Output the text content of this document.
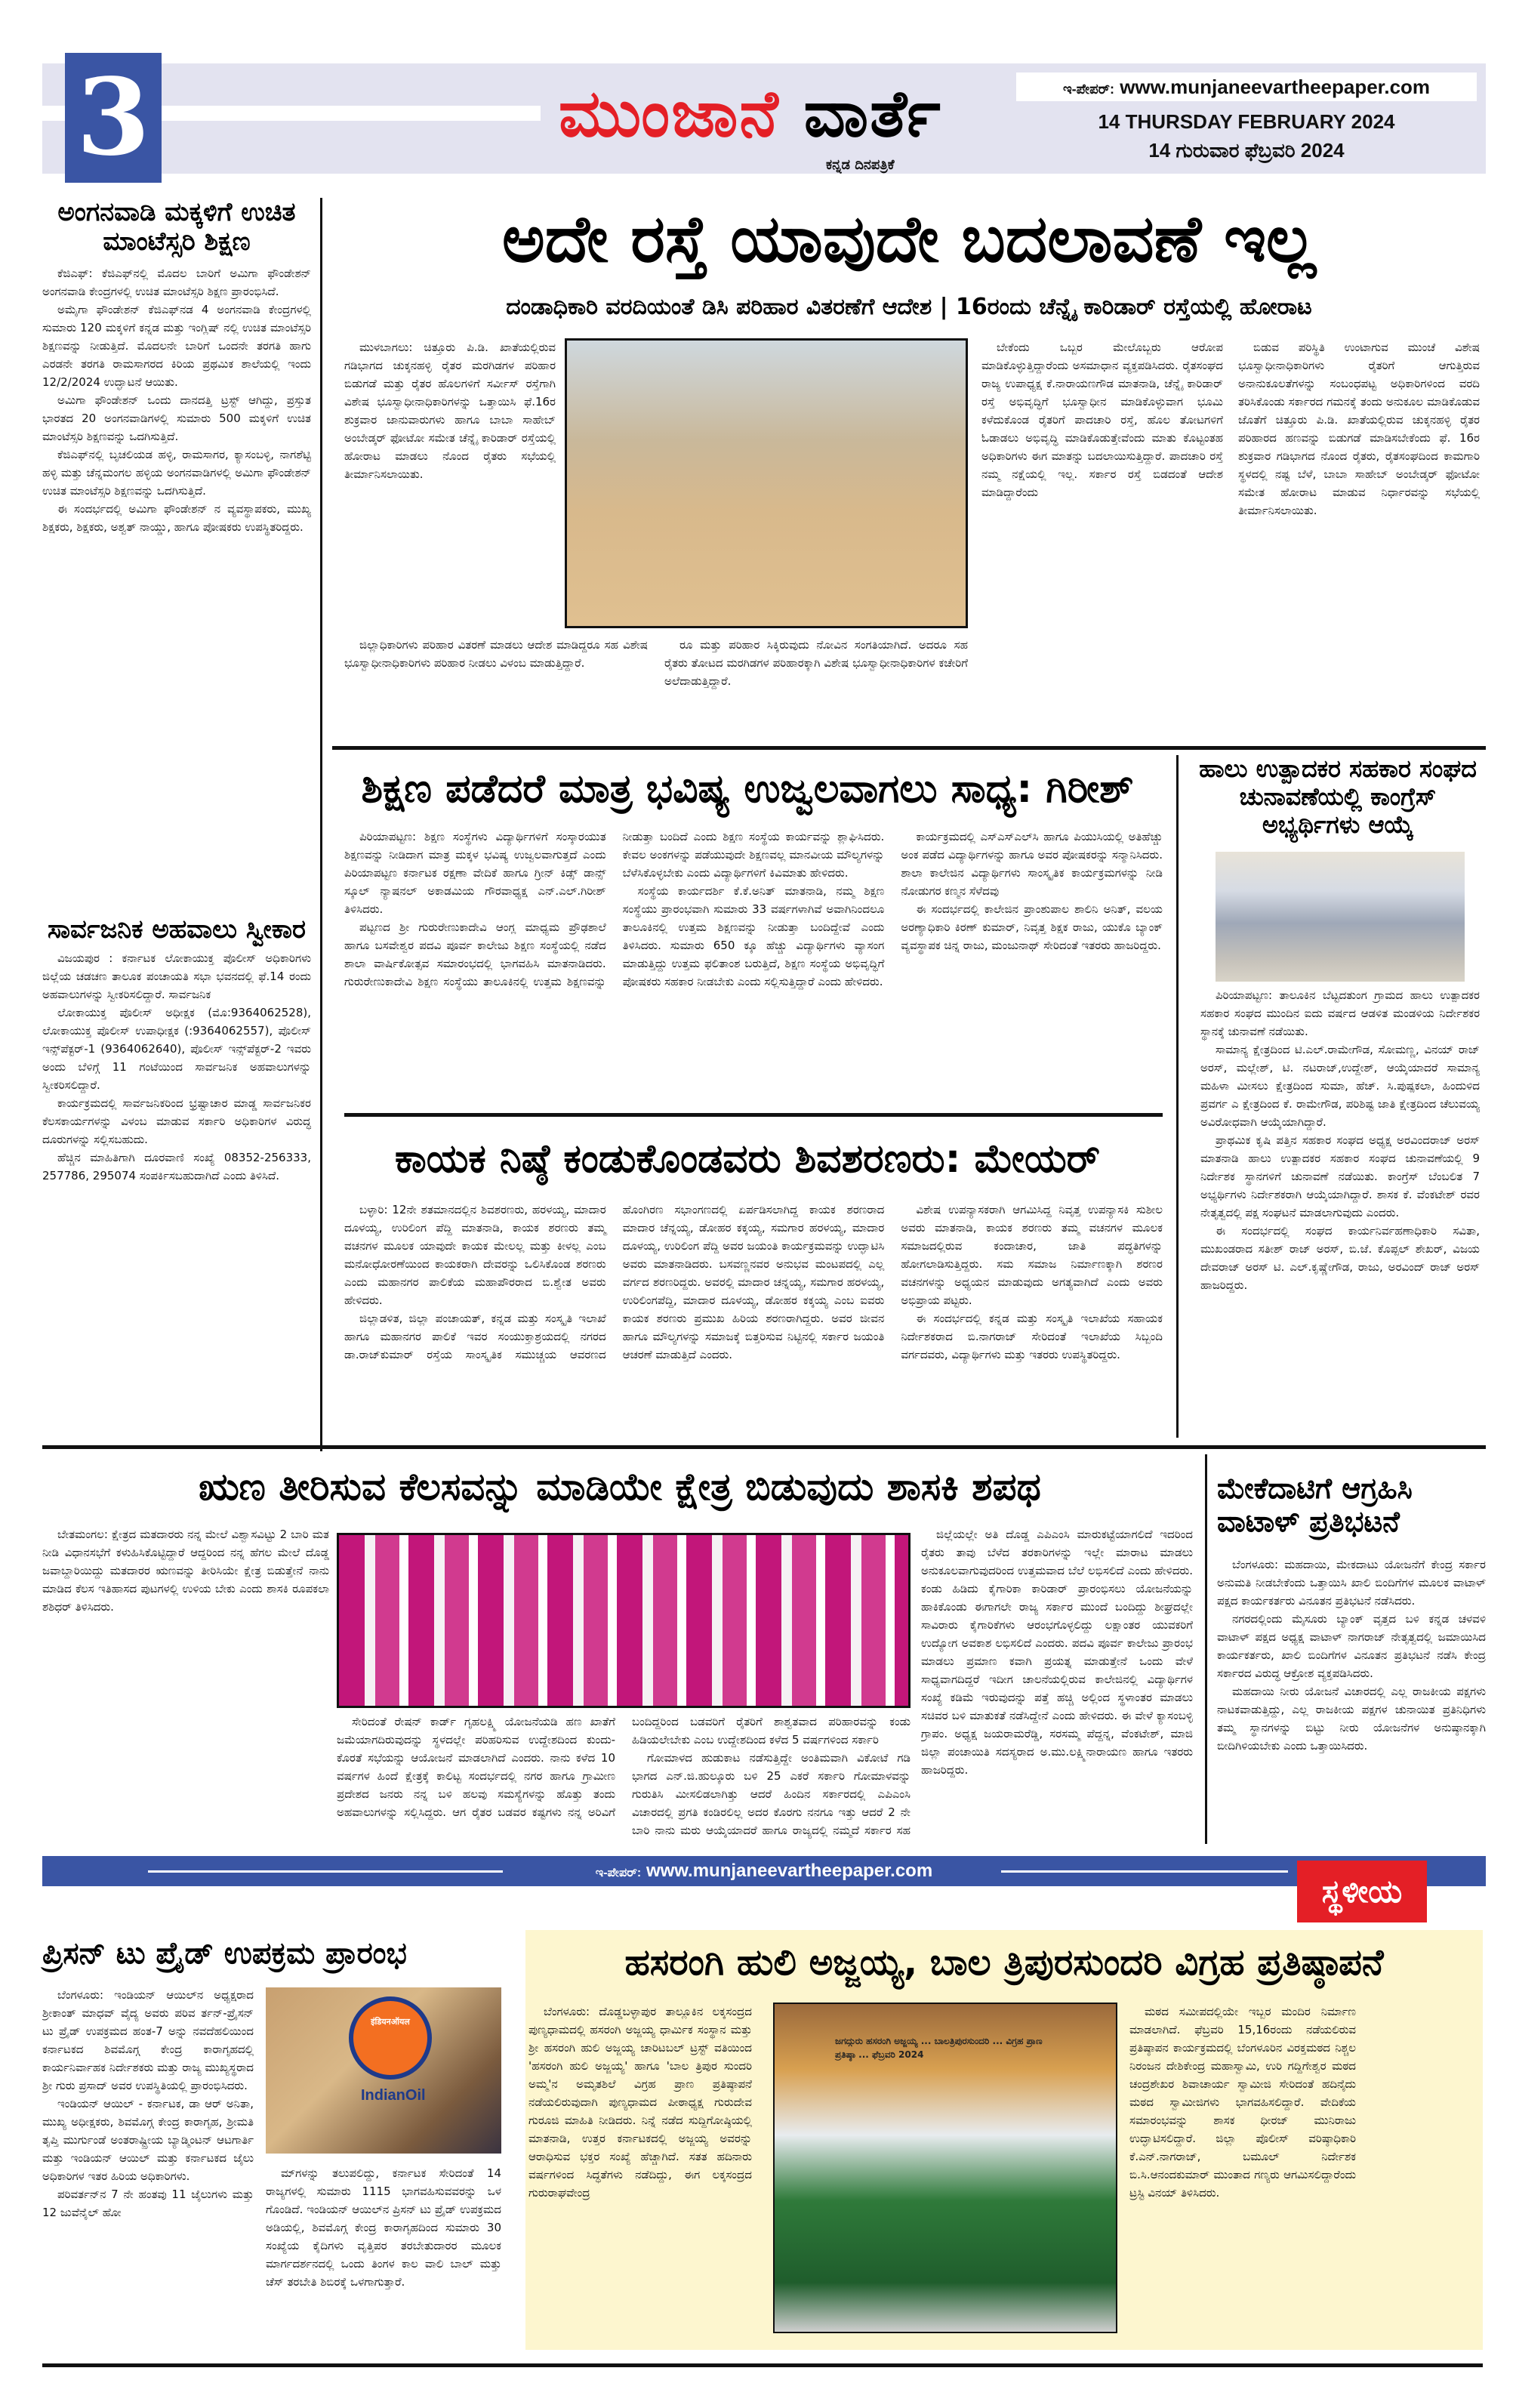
3	ಮುಂಜಾನೆ ವಾರ್ತೆ
ಕನ್ನಡ ದಿನಪತ್ರಿಕೆ
ಇ-ಪೇಪರ್: www.munjaneevartheepaper.com
14 THURSDAY FEBRUARY 2024
14 ಗುರುವಾರ ಫೆಬ್ರವರಿ 2024
ಅಂಗನವಾಡಿ ಮಕ್ಕಳಿಗೆ ಉಚಿತ ಮಾಂಟೆಸ್ಸರಿ ಶಿಕ್ಷಣ

ಕೆಜಿಎಫ್: ಕೆಜಿಎಫ್‌ನಲ್ಲಿ ಮೊದಲ ಬಾರಿಗೆ ಅಮಿಗಾ ಫೌಂಡೇಶನ್ ಅಂಗನವಾಡಿ ಕೇಂದ್ರಗಳಲ್ಲಿ ಉಚಿತ ಮಾಂಟೆಸ್ಸರಿ ಶಿಕ್ಷಣ ಪ್ರಾರಂಭಿಸಿದೆ.

ಅಮೈಗಾ ಫೌಂಡೇಶನ್ ಕೆಜಿಎಫ್‌ನಡ 4 ಅಂಗನವಾಡಿ ಕೇಂದ್ರಗಳಲ್ಲಿ ಸುಮಾರು 120 ಮಕ್ಕಳಿಗೆ ಕನ್ನಡ ಮತ್ತು ಇಂಗ್ಲಿಷ್ ನಲ್ಲಿ ಉಚಿತ ಮಾಂಟೆಸ್ಸರಿ ಶಿಕ್ಷಣವನ್ನು ನೀಡುತ್ತಿದೆ. ಮೊದಲನೇ ಬಾರಿಗೆ ಒಂದನೇ ತರಗತಿ ಹಾಗು ಎರಡನೇ ತರಗತಿ ರಾಮಸಾಗರದ ಕಿರಿಯ ಪ್ರಥಮಿಕ ಶಾಲೆಯಲ್ಲಿ ಇಂದು 12/2/2024 ಉದ್ಘಾಟನೆ ಆಯಿತು.

ಅಮಿಗಾ ಫೌಂಡೇಶನ್ ಒಂದು ದಾನದತ್ತಿ ಟ್ರಸ್ಟ್ ಆಗಿದ್ದು, ಪ್ರಸ್ತುತ ಭಾರತದ 20 ಅಂಗನವಾಡಿಗಳಲ್ಲಿ ಸುಮಾರು 500 ಮಕ್ಕಳಿಗೆ ಉಚಿತ ಮಾಂಟೆಸ್ಸರಿ ಶಿಕ್ಷಣವನ್ನು ಒದಗಿಸುತ್ತಿದೆ.

ಕೆಜಿಎಫ್‌ನಲ್ಲಿ ಬೃಚಲಿಯಡ ಹಳ್ಳಿ, ರಾಮಸಾಗರ, ಕ್ಯಾಸಂಬಳ್ಳಿ, ನಾಗಶೆಟ್ಟಿ ಹಳ್ಳಿ ಮತ್ತು ಚೆನ್ನಮಂಗಲ ಹಳ್ಳಿಯ ಅಂಗನವಾಡಿಗಳಲ್ಲಿ ಅಮಿಗಾ ಫೌಂಡೇಶನ್ ಉಚಿತ ಮಾಂಟೆಸ್ಸರಿ ಶಿಕ್ಷಣವನ್ನು ಒದಗಿಸುತ್ತಿದೆ.

ಈ ಸಂದರ್ಭದಲ್ಲಿ ಅಮಿಗಾ ಫೌಂಡೇಶನ್ ನ ವ್ಯವಸ್ಥಾಪಕರು, ಮುಖ್ಯ ಶಿಕ್ಷಕರು, ಶಿಕ್ಷಕರು, ಅಶ್ವತ್ ನಾಯ್ಡು, ಹಾಗೂ ಪೋಷಕರು ಉಪಸ್ಥಿತರಿದ್ದರು.

ಸಾರ್ವಜನಿಕ ಅಹವಾಲು ಸ್ವೀಕಾರ

ವಿಜಯಪುರ : ಕರ್ನಾಟಕ ಲೋಕಾಯುಕ್ತ ಪೊಲೀಸ್ ಅಧಿಕಾರಿಗಳು ಜಿಲ್ಲೆಯ ಚಡಚಣ ತಾಲೂಕ ಪಂಚಾಯತಿ ಸಭಾ ಭವನದಲ್ಲಿ ಫೆ.14 ರಂದು ಅಹವಾಲುಗಳನ್ನು ಸ್ವೀಕರಿಸಲಿದ್ದಾರೆ. ಸಾರ್ವಜನಿಕ

ಲೋಕಾಯುಕ್ತ ಪೊಲೀಸ್ ಅಧೀಕ್ಷಕ (ಮೊ:9364062528), ಲೋಕಾಯುಕ್ತ ಪೊಲೀಸ್ ಉಪಾಧೀಕ್ಷಕ (:9364062557), ಪೊಲೀಸ್ ಇನ್ಸ್‌ಪೆಕ್ಟರ್-1 (9364062640), ಪೊಲೀಸ್ ಇನ್ಸ್‌ಪೆಕ್ಟರ್-2 ಇವರು ಅಂದು ಬೆಳಿಗ್ಗೆ 11 ಗಂಟೆಯಿಂದ ಸಾರ್ವಜನಿಕ ಅಹವಾಲುಗಳನ್ನು ಸ್ವೀಕರಿಸಲಿದ್ದಾರೆ.

ಕಾರ್ಯಕ್ರಮದಲ್ಲಿ ಸಾರ್ವಜನಿಕರಿಂದ ಭ್ರಷ್ಟಾಚಾರ ಮಾಡ್ಡ ಸಾರ್ವಜನಿಕರ ಕೆಲಸಕಾರ್ಯಗಳನ್ನು ವಿಳಂಬ ಮಾಡುವ ಸರ್ಕಾರಿ ಅಧಿಕಾರಿಗಳ ವಿರುದ್ಧ ದೂರುಗಳನ್ನು ಸಲ್ಲಿಸಬಹುದು.

ಹೆಚ್ಚಿನ ಮಾಹಿತಿಗಾಗಿ ದೂರವಾಣಿ ಸಂಖ್ಯೆ 08352-256333, 257786, 295074 ಸಂಪರ್ಕಿಸಬಹುದಾಗಿದೆ ಎಂದು ತಿಳಿಸಿದೆ.

ಅದೇ ರಸ್ತೆ ಯಾವುದೇ ಬದಲಾವಣೆ ಇಲ್ಲ
ದಂಡಾಧಿಕಾರಿ ವರದಿಯಂತೆ ಡಿಸಿ ಪರಿಹಾರ ವಿತರಣೆಗೆ ಆದೇಶ | 16ರಂದು ಚೆನ್ನೈ ಕಾರಿಡಾರ್ ರಸ್ತೆಯಲ್ಲಿ ಹೋರಾಟ

ಮುಳಬಾಗಲು: ಚಿತ್ತೂರು ಪಿ.ಡಿ. ಖಾತೆಯಲ್ಲಿರುವ ಗಡಿಭಾಗದ ಚುಕ್ಕನಹಳ್ಳಿ ರೈತರ ಮರಗಿಡಗಳ ಪರಿಹಾರ ಬಿಡುಗಡೆ ಮತ್ತು ರೈತರ ಹೊಲಗಳಿಗೆ ಸರ್ವೀಸ್ ರಸ್ತೆಗಾಗಿ ವಿಶೇಷ ಭೂಸ್ವಾಧೀನಾಧಿಕಾರಿಗಳನ್ನು ಒತ್ತಾಯಿಸಿ ಫೆ.16ರ ಶುಕ್ರವಾರ ಜಾನುವಾರುಗಳು ಹಾಗೂ ಬಾಬಾ ಸಾಹೇಬ್ ಅಂಬೇಡ್ಕರ್ ಫೋಟೋ ಸಮೇತ ಚೆನ್ನೈ ಕಾರಿಡಾರ್ ರಸ್ತೆಯಲ್ಲಿ ಹೋರಾಟ ಮಾಡಲು ನೊಂದ ರೈತರು ಸಭೆಯಲ್ಲಿ ತೀರ್ಮಾನಿಸಲಾಯಿತು.

ಜಿಲ್ಲಾಧಿಕಾರಿಗಳು ಪರಿಹಾರ ವಿತರಣೆ ಮಾಡಲು ಆದೇಶ ಮಾಡಿದ್ದರೂ ಸಹ ವಿಶೇಷ ಭೂಸ್ವಾಧೀನಾಧಿಕಾರಿಗಳು ಪರಿಹಾರ ನೀಡಲು ವಿಳಂಬ ಮಾಡುತ್ತಿದ್ದಾರೆ.

ರೂ ಮತ್ತು ಪರಿಹಾರ ಸಿಕ್ಕಿರುವುದು ನೋವಿನ ಸಂಗತಿಯಾಗಿದೆ. ಅದರೂ ಸಹ ರೈತರು ತೋಟದ ಮರಗಿಡಗಳ ಪರಿಹಾರಕ್ಕಾಗಿ ವಿಶೇಷ ಭೂಸ್ವಾಧೀನಾಧಿಕಾರಿಗಳ ಕಚೇರಿಗೆ ಅಲೆದಾಡುತ್ತಿದ್ದಾರೆ.

ಬೇಕೆಂದು ಒಬ್ಬರ ಮೇಲೊಬ್ಬರು ಆರೋಪ ಮಾಡಿಕೊಳ್ಳುತ್ತಿದ್ದಾರೆಂದು ಅಸಮಾಧಾನ ವ್ಯಕ್ತಪಡಿಸಿದರು. ರೈತಸಂಘದ ರಾಜ್ಯ ಉಪಾಧ್ಯಕ್ಷ ಕೆ.ನಾರಾಯಣಗೌಡ ಮಾತನಾಡಿ, ಚೆನ್ನೈ ಕಾರಿಡಾರ್ ರಸ್ತೆ ಅಭಿವೃದ್ಧಿಗೆ ಭೂಸ್ವಾಧೀನ ಮಾಡಿಕೊಳ್ಳುವಾಗ ಭೂಮಿ ಕಳೆದುಕೊಂಡ ರೈತರಿಗೆ ಪಾದಚಾರಿ ರಸ್ತೆ, ಹೊಲ ತೋಟಗಳಿಗೆ ಓಡಾಡಲು ಅಭಿವೃದ್ಧಿ ಮಾಡಿಕೊಡುತ್ತೇವೆಂದು ಮಾತು ಕೊಟ್ಟಂತಹ ಅಧಿಕಾರಿಗಳು ಈಗ ಮಾತನ್ನು ಬದಲಾಯಿಸುತ್ತಿದ್ದಾರೆ. ಪಾದಚಾರಿ ರಸ್ತೆ ನಮ್ಮ ನಕ್ಷೆಯಲ್ಲಿ ಇಲ್ಲ. ಸರ್ಕಾರ ರಸ್ತೆ ಬಿಡದಂತೆ ಆದೇಶ ಮಾಡಿದ್ದಾರೆಂದು

ಬಿಡುವ ಪರಿಸ್ಥಿತಿ ಉಂಟಾಗುವ ಮುಂಚೆ ವಿಶೇಷ ಭೂಸ್ವಾಧೀನಾಧಿಕಾರಿಗಳು ರೈತರಿಗೆ ಆಗುತ್ತಿರುವ ಅನಾನುಕೂಲತೆಗಳನ್ನು ಸಂಬಂಧಪಟ್ಟ ಅಧಿಕಾರಿಗಳಿಂದ ವರದಿ ತರಿಸಿಕೊಂಡು ಸರ್ಕಾರದ ಗಮನಕ್ಕೆ ತಂದು ಅನುಕೂಲ ಮಾಡಿಕೊಡುವ ಜೊತೆಗೆ ಚಿತ್ತೂರು ಪಿ.ಡಿ. ಖಾತೆಯಲ್ಲಿರುವ ಚುಕ್ಕನಹಳ್ಳಿ ರೈತರ ಪರಿಹಾರದ ಹಣವನ್ನು ಬಿಡುಗಡೆ ಮಾಡಿಸಬೇಕೆಂದು ಫೆ. 16ರ ಶುಕ್ರವಾರ ಗಡಿಭಾಗದ ನೊಂದ ರೈತರು, ರೈತಸಂಘದಿಂದ ಕಾಮಗಾರಿ ಸ್ಥಳದಲ್ಲಿ ನಷ್ಟ ಬೆಳೆ, ಬಾಬಾ ಸಾಹೇಬ್ ಅಂಬೇಡ್ಕರ್ ಫೋಟೋ ಸಮೇತ ಹೋರಾಟ ಮಾಡುವ ನಿರ್ಧಾರವನ್ನು ಸಭೆಯಲ್ಲಿ ತೀರ್ಮಾನಿಸಲಾಯಿತು.

ಶಿಕ್ಷಣ ಪಡೆದರೆ ಮಾತ್ರ ಭವಿಷ್ಯ ಉಜ್ವಲವಾಗಲು ಸಾಧ್ಯ: ಗಿರೀಶ್

ಪಿರಿಯಾಪಟ್ಟಣ: ಶಿಕ್ಷಣ ಸಂಸ್ಥೆಗಳು ವಿದ್ಯಾರ್ಥಿಗಳಿಗೆ ಸಂಸ್ಕಾರಯುತ ಶಿಕ್ಷಣವನ್ನು ನೀಡಿದಾಗ ಮಾತ್ರ ಮಕ್ಕಳ ಭವಿಷ್ಯ ಉಜ್ವಲವಾಗುತ್ತದೆ ಎಂದು ಪಿರಿಯಾಪಟ್ಟಣ ಕರ್ನಾಟಕ ರಕ್ಷಣಾ ವೇದಿಕೆ ಹಾಗೂ ಗ್ರೀನ್ ಕಿಡ್ಸ್ ಡಾನ್ಸ್ ಸ್ಕೂಲ್ ನ್ಯಾಷನಲ್ ಅಕಾಡಮಿಯ ಗೌರವಾಧ್ಯಕ್ಷ ಎನ್.ಎಲ್.ಗಿರೀಶ್ ತಿಳಿಸಿದರು.

ಪಟ್ಟಣದ ಶ್ರೀ ಗುರುರೇಣುಕಾದೇವಿ ಆಂಗ್ಲ ಮಾಧ್ಯಮ ಪ್ರೌಢಶಾಲೆ ಹಾಗೂ ಬಸವೇಶ್ವರ ಪದವಿ ಪೂರ್ವ ಕಾಲೇಜು ಶಿಕ್ಷಣ ಸಂಸ್ಥೆಯಲ್ಲಿ ನಡೆದ ಶಾಲಾ ವಾರ್ಷಿಕೋತ್ಸವ ಸಮಾರಂಭದಲ್ಲಿ ಭಾಗವಹಿಸಿ ಮಾತನಾಡಿದರು. ಗುರುರೇಣುಕಾದೇವಿ ಶಿಕ್ಷಣ ಸಂಸ್ಥೆಯು ತಾಲೂಕಿನಲ್ಲಿ ಉತ್ತಮ ಶಿಕ್ಷಣವನ್ನು ನೀಡುತ್ತಾ ಬಂದಿದೆ ಎಂದು ಶಿಕ್ಷಣ ಸಂಸ್ಥೆಯ ಕಾರ್ಯವನ್ನು ಶ್ಲಾಘಿಸಿದರು. ಕೇವಲ ಅಂಕಗಳನ್ನು ಪಡೆಯುವುದೇ ಶಿಕ್ಷಣವಲ್ಲ ಮಾನವೀಯ ಮೌಲ್ಯಗಳನ್ನು ಬೆಳೆಸಿಕೊಳ್ಳಬೇಕು ಎಂದು ವಿದ್ಯಾರ್ಥಿಗಳಿಗೆ ಕಿವಿಮಾತು ಹೇಳಿದರು.

ಸಂಸ್ಥೆಯ ಕಾರ್ಯದರ್ಶಿ ಕೆ.ಕೆ.ಅನಿತ್ ಮಾತನಾಡಿ, ನಮ್ಮ ಶಿಕ್ಷಣ ಸಂಸ್ಥೆಯು ಪ್ರಾರಂಭವಾಗಿ ಸುಮಾರು 33 ವರ್ಷಗಳಾಗಿವೆ ಅವಾಗಿನಿಂದಲೂ ತಾಲೂಕಿನಲ್ಲಿ ಉತ್ತಮ ಶಿಕ್ಷಣವನ್ನು ನೀಡುತ್ತಾ ಬಂದಿದ್ದೇವೆ ಎಂದು ತಿಳಿಸಿದರು. ಸುಮಾರು 650 ಕ್ಕೂ ಹೆಚ್ಚು ವಿದ್ಯಾರ್ಥಿಗಳು ವ್ಯಾಸಂಗ ಮಾಡುತ್ತಿದ್ದು ಉತ್ತಮ ಫಲಿತಾಂಶ ಬರುತ್ತಿದೆ, ಶಿಕ್ಷಣ ಸಂಸ್ಥೆಯ ಅಭಿವೃದ್ಧಿಗೆ ಪೋಷಕರು ಸಹಕಾರ ನೀಡಬೇಕು ಎಂದು ಸಲ್ಲಿಸುತ್ತಿದ್ದಾರೆ ಎಂದು ಹೇಳಿದರು.

ಕಾರ್ಯಕ್ರಮದಲ್ಲಿ ಎಸ್‌ಎಸ್‌ಎಲ್‌ಸಿ ಹಾಗೂ ಪಿಯುಸಿಯಲ್ಲಿ ಅತಿಹೆಚ್ಚು ಅಂಕ ಪಡೆದ ವಿದ್ಯಾರ್ಥಿಗಳನ್ನು ಹಾಗೂ ಅವರ ಪೋಷಕರನ್ನು ಸನ್ಮಾನಿಸಿದರು. ಶಾಲಾ ಕಾಲೇಜಿನ ವಿದ್ಯಾರ್ಥಿಗಳು ಸಾಂಸ್ಕೃತಿಕ ಕಾರ್ಯಕ್ರಮಗಳನ್ನು ನೀಡಿ ನೋಡುಗರ ಕಣ್ಮನ ಸೆಳೆದವು

ಈ ಸಂದರ್ಭದಲ್ಲಿ ಕಾಲೇಜಿನ ಪ್ರಾಂಶುಪಾಲ ಶಾಲಿನಿ ಅನಿತ್, ವಲಯ ಅರಣ್ಯಾಧಿಕಾರಿ ಕಿರಣ್ ಕುಮಾರ್, ನಿವೃತ್ತ ಶಿಕ್ಷಕ ರಾಜು, ಯುಕೊ ಬ್ಯಾಂಕ್ ವ್ಯವಸ್ಥಾಪಕ ಚಿನ್ನ ರಾಜು, ಮಂಜುನಾಥ್ ಸೇರಿದಂತೆ ಇತರರು ಹಾಜರಿದ್ದರು.

ಹಾಲು ಉತ್ಪಾದಕರ ಸಹಕಾರ ಸಂಘದ ಚುನಾವಣೆಯಲ್ಲಿ ಕಾಂಗ್ರೆಸ್ ಅಭ್ಯರ್ಥಿಗಳು ಆಯ್ಕೆ

ಪಿರಿಯಾಪಟ್ಟಣ: ತಾಲೂಕಿನ ಬೆಟ್ಟದತುಂಗ ಗ್ರಾಮದ ಹಾಲು ಉತ್ಪಾದಕರ ಸಹಕಾರ ಸಂಘದ ಮುಂದಿನ ಐದು ವರ್ಷದ ಆಡಳಿತ ಮಂಡಳಿಯ ನಿರ್ದೇಶಕರ ಸ್ಥಾನಕ್ಕೆ ಚುನಾವಣೆ ನಡೆಯಿತು.

ಸಾಮಾನ್ಯ ಕ್ಷೇತ್ರದಿಂದ ಟಿ.ಎಲ್.ರಾಮೇಗೌಡ, ಸೋಮಣ್ಣ, ವಿನಯ್ ರಾಜ್ ಅರಸ್, ಮಲ್ಲೇಶ್, ಟಿ. ನಟರಾಜ್,ಉದ್ದೇಶ್, ಆಯ್ಕೆಯಾದರೆ ಸಾಮಾನ್ಯ ಮಹಿಳಾ ಮೀಸಲು ಕ್ಷೇತ್ರದಿಂದ ಸುಮಾ, ಹೆಚ್. ಸಿ.ಪುಷ್ಪಕಲಾ, ಹಿಂದುಳಿದ ಪ್ರವರ್ಗ ಎ ಕ್ಷೇತ್ರದಿಂದ ಕೆ. ರಾಮೇಗೌಡ, ಪರಿಶಿಷ್ಟ ಜಾತಿ ಕ್ಷೇತ್ರದಿಂದ ಚೆಲುವಯ್ಯ ಅವಿರೋಧವಾಗಿ ಆಯ್ಕೆಯಾಗಿದ್ದಾರೆ.

ಪ್ರಾಥಮಿಕ ಕೃಷಿ ಪತ್ತಿನ ಸಹಕಾರ ಸಂಘದ ಅಧ್ಯಕ್ಷ ಅರವಿಂದರಾಜ್ ಅರಸ್ ಮಾತನಾಡಿ ಹಾಲು ಉತ್ಪಾದಕರ ಸಹಕಾರ ಸಂಘದ ಚುನಾವಣೆಯಲ್ಲಿ 9 ನಿರ್ದೇಶಕ ಸ್ಥಾನಗಳಿಗೆ ಚುನಾವಣೆ ನಡೆಯಿತು. ಕಾಂಗ್ರೆಸ್ ಬೆಂಬಲಿತ 7 ಅಭ್ಯರ್ಥಿಗಳು ನಿರ್ದೇಶಕರಾಗಿ ಆಯ್ಕೆಯಾಗಿದ್ದಾರೆ. ಶಾಸಕ ಕೆ. ವೆಂಕಟೇಶ್ ರವರ ನೇತೃತ್ವದಲ್ಲಿ ಪಕ್ಷ ಸಂಘಟನೆ ಮಾಡಲಾಗುವುದು ಎಂದರು.

ಈ ಸಂದರ್ಭದಲ್ಲಿ ಸಂಘದ ಕಾರ್ಯನಿರ್ವಹಣಾಧಿಕಾರಿ ಸವಿತಾ, ಮುಖಂಡರಾದ ಸತೀಶ್ ರಾಜ್ ಅರಸ್, ಬಿ.ಜೆ. ಕೊಪ್ಪಲ್ ಶೇಖರ್, ವಿಜಯ ದೇವರಾಜ್ ಅರಸ್ ಟಿ. ಎಲ್.ಕೃಷ್ಣೇಗೌಡ, ರಾಜು, ಅರವಿಂದ್ ರಾಜ್ ಅರಸ್ ಹಾಜರಿದ್ದರು.

ಕಾಯಕ ನಿಷ್ಠೆ ಕಂಡುಕೊಂಡವರು ಶಿವಶರಣರು: ಮೇಯರ್

ಬಳ್ಳಾರಿ: 12ನೇ ಶತಮಾನದಲ್ಲಿನ ಶಿವಶರಣರು, ಹರಳಯ್ಯ, ಮಾದಾರ ದೂಳಯ್ಯ, ಉರಿಲಿಂಗ ಪೆದ್ದಿ ಮಾತನಾಡಿ, ಕಾಯಕ ಶರಣರು ತಮ್ಮ ವಚನಗಳ ಮೂಲಕ ಯಾವುದೇ ಕಾಯಕ ಮೇಲಲ್ಲ ಮತ್ತು ಕೀಳಲ್ಲ ಎಂಬ ಮನೋಧೋರಣೆಯಿಂದ ಕಾಯಕರಾಗಿ ದೇವರನ್ನು ಒಲಿಸಿಕೊಂಡ ಶರಣರು ಎಂದು ಮಹಾನಗರ ಪಾಲಿಕೆಯ ಮಹಾಪೌರರಾದ ಬಿ.ಶ್ವೇತ ಅವರು ಹೇಳಿದರು.

ಜಿಲ್ಲಾಡಳಿತ, ಜಿಲ್ಲಾ ಪಂಚಾಯತ್, ಕನ್ನಡ ಮತ್ತು ಸಂಸ್ಕೃತಿ ಇಲಾಖೆ ಹಾಗೂ ಮಹಾನಗರ ಪಾಲಿಕೆ ಇವರ ಸಂಯುಕ್ತಾಶ್ರಯದಲ್ಲಿ ನಗರದ ಡಾ.ರಾಜ್‌ಕುಮಾರ್ ರಸ್ತೆಯ ಸಾಂಸ್ಕೃತಿಕ ಸಮುಚ್ಚಯ ಆವರಣದ ಹೊಂಗಿರಣ ಸಭಾಂಗಣದಲ್ಲಿ ಏರ್ಪಡಿಸಲಾಗಿದ್ದ ಕಾಯಕ ಶರಣರಾದ ಮಾದಾರ ಚೆನ್ನಯ್ಯ, ಡೋಹರ ಕಕ್ಕಯ್ಯ, ಸಮಗಾರ ಹರಳಯ್ಯ, ಮಾದಾರ ದೂಳಯ್ಯ, ಉರಿಲಿಂಗ ಪೆದ್ದಿ ಅವರ ಜಯಂತಿ ಕಾರ್ಯಕ್ರಮವನ್ನು ಉದ್ಘಾಟಿಸಿ ಅವರು ಮಾತನಾಡಿದರು. ಬಸವಣ್ಣನವರ ಅನುಭವ ಮಂಟಪದಲ್ಲಿ ಎಲ್ಲ ವರ್ಗದ ಶರಣರಿದ್ದರು. ಅವರಲ್ಲಿ ಮಾದಾರ ಚನ್ನಯ್ಯ, ಸಮಗಾರ ಹರಳಯ್ಯ, ಉರಿಲಿಂಗಪೆದ್ದಿ, ಮಾದಾರ ದೂಳಯ್ಯ, ಡೋಹರ ಕಕ್ಕಯ್ಯ ಎಂಬ ಐವರು ಕಾಯಕ ಶರಣರು ಪ್ರಮುಖ ಹಿರಿಯ ಶರಣರಾಗಿದ್ದರು. ಅವರ ಜೀವನ ಹಾಗೂ ಮೌಲ್ಯಗಳನ್ನು ಸಮಾಜಕ್ಕೆ ಬಿತ್ತರಿಸುವ ನಿಟ್ಟಿನಲ್ಲಿ ಸರ್ಕಾರ ಜಯಂತಿ ಆಚರಣೆ ಮಾಡುತ್ತಿದೆ ಎಂದರು.

ವಿಶೇಷ ಉಪನ್ಯಾಸಕರಾಗಿ ಆಗಮಿಸಿದ್ದ ನಿವೃತ್ತ ಉಪನ್ಯಾಸಕಿ ಸುಶೀಲ ಅವರು ಮಾತನಾಡಿ, ಕಾಯಕ ಶರಣರು ತಮ್ಮ ವಚನಗಳ ಮೂಲಕ ಸಮಾಜದಲ್ಲಿರುವ ಕಂದಾಚಾರ, ಜಾತಿ ಪದ್ಧತಿಗಳನ್ನು ಹೋಗಲಾಡಿಸುತ್ತಿದ್ದರು. ಸಮ ಸಮಾಜ ನಿರ್ಮಾಣಕ್ಕಾಗಿ ಶರಣರ ವಚನಗಳನ್ನು ಅಧ್ಯಯನ ಮಾಡುವುದು ಅಗತ್ಯವಾಗಿದೆ ಎಂದು ಅವರು ಅಭಿಪ್ರಾಯ ಪಟ್ಟರು.

ಈ ಸಂದರ್ಭದಲ್ಲಿ ಕನ್ನಡ ಮತ್ತು ಸಂಸ್ಕೃತಿ ಇಲಾಖೆಯ ಸಹಾಯಕ ನಿರ್ದೇಶಕರಾದ ಬಿ.ನಾಗರಾಜ್ ಸೇರಿದಂತೆ ಇಲಾಖೆಯ ಸಿಬ್ಬಂದಿ ವರ್ಗದವರು, ವಿದ್ಯಾರ್ಥಿಗಳು ಮತ್ತು ಇತರರು ಉಪಸ್ಥಿತರಿದ್ದರು.

ಋಣ ತೀರಿಸುವ ಕೆಲಸವನ್ನು ಮಾಡಿಯೇ ಕ್ಷೇತ್ರ ಬಿಡುವುದು ಶಾಸಕಿ ಶಪಥ

ಬೇತಮಂಗಲ: ಕ್ಷೇತ್ರದ ಮತದಾರರು ನನ್ನ ಮೇಲೆ ವಿಶ್ವಾಸವಿಟ್ಟು 2 ಬಾರಿ ಮತ ನೀಡಿ ವಿಧಾನಸಭೆಗೆ ಕಳುಹಿಸಿಕೊಟ್ಟಿದ್ದಾರೆ ಆದ್ದರಿಂದ ನನ್ನ ಹೆಗಲ ಮೇಲೆ ದೊಡ್ಡ ಜವಾಬ್ದಾರಿಯಿದ್ದು ಮತದಾರರ ಋಣವನ್ನು ತೀರಿಸಿಯೇ ಕ್ಷೇತ್ರ ಬಿಡುತ್ತೇನೆ ನಾನು ಮಾಡಿದ ಕೆಲಸ ಇತಿಹಾಸದ ಪುಟಗಳಲ್ಲಿ ಉಳಿಯ ಬೇಕು ಎಂದು ಶಾಸಕಿ ರೂಪಕಲಾ ಶಶಿಧರ್ ತಿಳಿಸಿದರು.

ಸೇರಿದಂತೆ ರೇಷನ್ ಕಾರ್ಡ್ ಗೃಹಲಕ್ಷ್ಮಿ ಯೋಜನೆಯಡಿ ಹಣ ಖಾತೆಗೆ ಜಮೆಯಾಗದಿರುವುದನ್ನು ಸ್ಥಳದಲ್ಲೇ ಪರಿಹರಿಸುವ ಉದ್ದೇಶದಿಂದ ಕುಂದು-ಕೊರತೆ ಸಭೆಯನ್ನು ಆಯೋಜನೆ ಮಾಡಲಾಗಿದೆ ಎಂದರು. ನಾನು ಕಳೆದ 10 ವರ್ಷಗಳ ಹಿಂದೆ ಕ್ಷೇತ್ರಕ್ಕೆ ಕಾಲಿಟ್ಟ ಸಂದರ್ಭದಲ್ಲಿ ನಗರ ಹಾಗೂ ಗ್ರಾಮೀಣ ಪ್ರದೇಶದ ಜನರು ನನ್ನ ಬಳಿ ಹಲವು ಸಮಸ್ಯೆಗಳನ್ನು ಹೊತ್ತು ತಂದು ಅಹವಾಲುಗಳನ್ನು ಸಲ್ಲಿಸಿದ್ದರು. ಆಗ ರೈತರ ಬಡವರ ಕಷ್ಟಗಳು ನನ್ನ ಅರಿವಿಗೆ ಬಂದಿದ್ದರಿಂದ ಬಡವರಿಗೆ ರೈತರಿಗೆ ಶಾಶ್ವತವಾದ ಪರಿಹಾರವನ್ನು ಕಂಡು ಹಿಡಿಯಲೇಬೇಕು ಎಂಬ ಉದ್ದೇಶದಿಂದ ಕಳೆದ 5 ವರ್ಷಗಳಿಂದ ಸರ್ಕಾರಿ

ಗೋಮಾಳದ ಹುಡುಕಾಟ ನಡೆಸುತ್ತಿದ್ದೇ ಅಂತಿಮವಾಗಿ ವಿಕೋಟೆ ಗಡಿ ಭಾಗದ ಎನ್.ಜಿ.ಹುಲ್ಕೂರು ಬಳಿ 25 ಎಕರೆ ಸರ್ಕಾರಿ ಗೋಮಾಳವನ್ನು ಗುರುತಿಸಿ ಮೀಸಲಿಡಲಾಗಿತ್ತು ಆದರೆ ಹಿಂದಿನ ಸರ್ಕಾರದಲ್ಲಿ ಎಪಿಎಂಸಿ ವಿಚಾರದಲ್ಲಿ ಪ್ರಗತಿ ಕಂಡಿರಲಿಲ್ಲ ಅದರ ಕೊರಗು ನನಗೂ ಇತ್ತು ಆದರೆ 2 ನೇ ಬಾರಿ ನಾನು ಮರು ಆಯ್ಕೆಯಾದರೆ ಹಾಗೂ ರಾಜ್ಯದಲ್ಲಿ ನಮ್ಮದೆ ಸರ್ಕಾರ ಸಹ

ಜಿಲ್ಲೆಯಲ್ಲೇ ಅತಿ ದೊಡ್ಡ ಎಪಿಎಂಸಿ ಮಾರುಕಟ್ಟೆಯಾಗಲಿದೆ ಇದರಿಂದ ರೈತರು ತಾವು ಬೆಳೆದ ತರಕಾರಿಗಳನ್ನು ಇಲ್ಲೇ ಮಾರಾಟ ಮಾಡಲು ಅನುಕೂಲವಾಗುವುದರಿಂದ ಉತ್ತಮವಾದ ಬೆಲೆ ಲಭಿಸಲಿದೆ ಎಂದು ಹೇಳಿದರು. ಕಂಡು ಹಿಡಿದು ಕೈಗಾರಿಕಾ ಕಾರಿಡಾರ್ ಪ್ರಾರಂಭಿಸಲು ಯೋಜನೆಯನ್ನು ಹಾಕಿಕೊಂಡು ಈಗಾಗಲೇ ರಾಜ್ಯ ಸರ್ಕಾರ ಮುಂದೆ ಬಂದಿದ್ದು ಶೀಘ್ರದಲ್ಲೇ ಸಾವಿರಾರು ಕೈಗಾರಿಕೆಗಳು ಆರಂಭಗೊಳ್ಳಲಿದ್ದು ಲಕ್ಷಾಂತರ ಯುವಕರಿಗೆ ಉದ್ಯೋಗ ಅವಕಾಶ ಲಭಿಸಲಿದೆ ಎಂದರು. ಪದವಿ ಪೂರ್ವ ಕಾಲೇಜು ಪ್ರಾರಂಭ ಮಾಡಲು ಪ್ರಮಾಣ ಕವಾಗಿ ಪ್ರಯತ್ನ ಮಾಡುತ್ತೇನೆ ಒಂದು ವೇಳೆ ಸಾಧ್ಯವಾಗದಿದ್ದರೆ ಇದೀಗ ಚಾಲನೆಯಲ್ಲಿರುವ ಕಾಲೇಜಿನಲ್ಲಿ ವಿದ್ಯಾರ್ಥಿಗಳ ಸಂಖ್ಯೆ ಕಡಿಮೆ ಇರುವುದನ್ನು ಪತ್ತೆ ಹಚ್ಚಿ ಅಲ್ಲಿಂದ ಸ್ಥಳಾಂತರ ಮಾಡಲು ಸಚಿವರ ಬಳಿ ಮಾತುಕತೆ ನಡೆಸಿದ್ದೇನೆ ಎಂದು ಹೇಳಿದರು. ಈ ವೇಳೆ ಕ್ಯಾಸಂಬಳ್ಳಿ ಗ್ರಾಪಂ. ಅಧ್ಯಕ್ಷ ಜಯರಾಮರೆಡ್ಡಿ, ಸರಸಮ್ಮ ಪೆದ್ದನ್ನ, ವೆಂಕಟೇಶ್, ಮಾಜಿ ಜಿಲ್ಲಾ ಪಂಚಾಯಿತಿ ಸದಸ್ಯರಾದ ಅ.ಮು.ಲಕ್ಷ್ಮಿನಾರಾಯಣ ಹಾಗೂ ಇತರರು ಹಾಜರಿದ್ದರು.

ಮೇಕೆದಾಟಿಗೆ ಆಗ್ರಹಿಸಿ ವಾಟಾಳ್ ಪ್ರತಿಭಟನೆ

ಬೆಂಗಳೂರು: ಮಹದಾಯಿ, ಮೇಕದಾಟು ಯೋಜನೆಗೆ ಕೇಂದ್ರ ಸರ್ಕಾರ ಅನುಮತಿ ನೀಡಬೇಕೆಂದು ಒತ್ತಾಯಿಸಿ ಖಾಲಿ ಬಿಂದಿಗೆಗಳ ಮೂಲಕ ವಾಟಾಳ್ ಪಕ್ಷದ ಕಾರ್ಯಕರ್ತರು ವಿನೂತನ ಪ್ರತಿಭಟನೆ ನಡೆಸಿದರು.

ನಗರದಲ್ಲಿಂದು ಮೈಸೂರು ಬ್ಯಾಂಕ್ ವೃತ್ತದ ಬಳಿ ಕನ್ನಡ ಚಳವಳಿ ವಾಟಾಳ್ ಪಕ್ಷದ ಅಧ್ಯಕ್ಷ ವಾಟಾಳ್ ನಾಗರಾಜ್ ನೇತೃತ್ವದಲ್ಲಿ ಜಮಾಯಿಸಿದ ಕಾರ್ಯಕರ್ತರು, ಖಾಲಿ ಬಿಂದಿಗೆಗಳ ವಿನೂತನ ಪ್ರತಿಭಟನೆ ನಡೆಸಿ ಕೇಂದ್ರ ಸರ್ಕಾರದ ವಿರುದ್ಧ ಆಕ್ರೋಶ ವ್ಯಕ್ತಪಡಿಸಿದರು.

ಮಹದಾಯಿ ನೀರು ಯೋಜನೆ ವಿಚಾರದಲ್ಲಿ ಎಲ್ಲ ರಾಜಕೀಯ ಪಕ್ಷಗಳು ನಾಟಕವಾಡುತ್ತಿದ್ದು, ಎಲ್ಲ ರಾಜಕೀಯ ಪಕ್ಷಗಳ ಚುನಾಯಿತ ಪ್ರತಿನಿಧಿಗಳು ತಮ್ಮ ಸ್ಥಾನಗಳನ್ನು ಬಿಟ್ಟು ನೀರು ಯೋಜನೆಗಳ ಅನುಷ್ಠಾನಕ್ಕಾಗಿ ಬೀದಿಗಿಳಿಯಬೇಕು ಎಂದು ಒತ್ತಾಯಿಸಿದರು.

ಇ-ಪೇಪರ್: www.munjaneevartheepaper.com
ಸ್ಥಳೀಯ
ಪ್ರಿಸನ್ ಟು ಪ್ರೈಡ್ ಉಪಕ್ರಮ ಪ್ರಾರಂಭ

ಬೆಂಗಳೂರು: ಇಂಡಿಯನ್ ಆಯಿಲ್‌ನ ಅಧ್ಯಕ್ಷರಾದ ಶ್ರೀಕಾಂತ್ ಮಾಧವ್ ವೈದ್ಯ ಅವರು ಪರಿವ ರ್ತನ್-ಪ್ರೈಸನ್ ಟು ಪ್ರೈಡ್ ಉಪಕ್ರಮದ ಹಂತ-7 ಅನ್ನು ನವದೆಹಲಿಯಿಂದ ಕರ್ನಾಟಕದ ಶಿವಮೊಗ್ಗ ಕೇಂದ್ರ ಕಾರಾಗೃಹದಲ್ಲಿ ಕಾರ್ಯನಿರ್ವಾಹಕ ನಿರ್ದೇಶಕರು ಮತ್ತು ರಾಜ್ಯ ಮುಖ್ಯಸ್ಥರಾದ ಶ್ರೀ ಗುರು ಪ್ರಸಾದ್ ಅವರ ಉಪಸ್ಥಿತಿಯಲ್ಲಿ ಪ್ರಾರಂಭಿಸಿದರು.

ಇಂಡಿಯನ್ ಆಯಿಲ್ - ಕರ್ನಾಟಕ, ಡಾ ಆರ್ ಅನಿತಾ, ಮುಖ್ಯ ಅಧೀಕ್ಷಕರು, ಶಿವಮೊಗ್ಗ ಕೇಂದ್ರ ಕಾರಾಗೃಹ, ಶ್ರೀಮತಿ ತೃಪ್ತಿ ಮುರ್ಗುಂಡೆ ಅಂತರಾಷ್ಟ್ರೀಯ ಬ್ಯಾಡ್ಮಿಂಟನ್ ಆಟಗಾರ್ತಿ ಮತ್ತು ಇಂಡಿಯನ್ ಆಯಿಲ್ ಮತ್ತು ಕರ್ನಾಟಕದ ಜೈಲು ಅಧಿಕಾರಿಗಳ ಇತರ ಹಿರಿಯ ಅಧಿಕಾರಿಗಳು.

ಪರಿವರ್ತನ್‌ನ 7 ನೇ ಹಂತವು 11 ಜೈಲುಗಳು ಮತ್ತು 12 ಜುವೆನೈಲ್ ಹೋ

इंडियनऑयल
IndianOil

ಮ್‌ಗಳನ್ನು ತಲುಪಲಿದ್ದು, ಕರ್ನಾಟಕ ಸೇರಿದಂತೆ 14 ರಾಜ್ಯಗಳಲ್ಲಿ ಸುಮಾರು 1115 ಭಾಗವಹಿಸುವವರನ್ನು ಒಳ ಗೊಂಡಿದೆ. ಇಂಡಿಯನ್ ಆಯಿಲ್‌ನ ಪ್ರಿಸನ್ ಟು ಪ್ರೈಡ್ ಉಪಕ್ರಮದ ಅಡಿಯಲ್ಲಿ, ಶಿವಮೊಗ್ಗ ಕೇಂದ್ರ ಕಾರಾಗೃಹದಿಂದ ಸುಮಾರು 30 ಸಂಖ್ಯೆಯ ಕೈದಿಗಳು ವೃತ್ತಿಪರ ತರಬೇತುದಾರರ ಮೂಲಕ ಮಾರ್ಗದರ್ಶನದಲ್ಲಿ ಒಂದು ತಿಂಗಳ ಕಾಲ ವಾಲಿ ಬಾಲ್ ಮತ್ತು ಚೆಸ್ ತರಬೇತಿ ಶಿಬಿರಕ್ಕೆ ಒಳಗಾಗುತ್ತಾರೆ.

ಹಸರಂಗಿ ಹುಲಿ ಅಜ್ಜಯ್ಯ, ಬಾಲ ತ್ರಿಪುರಸುಂದರಿ ವಿಗ್ರಹ ಪ್ರತಿಷ್ಠಾಪನೆ

ಬೆಂಗಳೂರು: ದೊಡ್ಡಬಳ್ಳಾಪುರ ತಾಲ್ಲೂಕಿನ ಲಕ್ಕಸಂದ್ರದ ಪುಣ್ಯಧಾಮದಲ್ಲಿ ಹಸರಂಗಿ ಅಜ್ಜಯ್ಯ ಧಾರ್ಮಿಕ ಸಂಸ್ಥಾನ ಮತ್ತು ಶ್ರೀ ಹಸರಂಗಿ ಹುಲಿ ಅಜ್ಜಯ್ಯ ಚಾರಿಟಬಲ್ ಟ್ರಸ್ಟ್ ವತಿಯಿಂದ 'ಹಸರಂಗಿ ಹುಲಿ ಅಜ್ಜಯ್ಯ' ಹಾಗೂ 'ಬಾಲ ತ್ರಿಪುರ ಸುಂದರಿ ಅಮ್ಮ'ನ ಅಮೃತಶಿಲೆ ವಿಗ್ರಹ ಪ್ರಾಣ ಪ್ರತಿಷ್ಠಾಪನೆ ನಡೆಯಲಿರುವುದಾಗಿ ಪುಣ್ಯಧಾಮದ ಪೀಠಾಧ್ಯಕ್ಷ ಗುರುದೇವ ಗುರೂಜಿ ಮಾಹಿತಿ ನೀಡಿದರು. ನಿನ್ನೆ ನಡೆದ ಸುದ್ದಿಗೋಷ್ಠಿಯಲ್ಲಿ ಮಾತನಾಡಿ, ಉತ್ತರ ಕರ್ನಾಟಕದಲ್ಲಿ ಅಜ್ಜಯ್ಯ ಅವರನ್ನು ಆರಾಧಿಸುವ ಭಕ್ತರ ಸಂಖ್ಯೆ ಹೆಚ್ಚಾಗಿದೆ. ಸತತ ಹದಿನಾರು ವರ್ಷಗಳಿಂದ ಸಿದ್ಧತೆಗಳು ನಡೆದಿದ್ದು, ಈಗ ಲಕ್ಕಸಂದ್ರದ ಗುರುರಾಘವೇಂದ್ರ

ಜಗದ್ಗುರು ಹಸರಂಗಿ ಅಜ್ಜಯ್ಯ ... ಬಾಲತ್ರಿಪುರಸುಂದರಿ ... ವಿಗ್ರಹ ಪ್ರಾಣ ಪ್ರತಿಷ್ಠಾ ... ಫೆಬ್ರವರಿ 2024

ಮಠದ ಸಮೀಪದಲ್ಲಿಯೇ ಇಬ್ಬರ ಮಂದಿರ ನಿರ್ಮಾಣ ಮಾಡಲಾಗಿದೆ. ಫೆಬ್ರವರಿ 15,16ರಂದು ನಡೆಯಲಿರುವ ಪ್ರತಿಷ್ಠಾಪನ ಕಾರ್ಯಕ್ರಮದಲ್ಲಿ ಬೆಂಗಳೂರಿನ ವಿರಕ್ತಮಠದ ನಿಶ್ಚಲ ನಿರಂಜನ ದೇಶಿಕೇಂದ್ರ ಮಹಾಸ್ವಾಮಿ, ಉರಿ ಗದ್ದಿಗೇಶ್ವರ ಮಠದ ಚಂದ್ರಶೇಖರ ಶಿವಾಚಾರ್ಯ ಸ್ವಾಮೀಜಿ ಸೇರಿದಂತೆ ಹದಿನೈದು ಮಠದ ಸ್ವಾಮೀಜಿಗಳು ಭಾಗವಹಿಸಲಿದ್ದಾರೆ. ವೇದಿಕೆಯ ಸಮಾರಂಭವನ್ನು ಶಾಸಕ ಧೀರಜ್ ಮುನಿರಾಜು ಉದ್ಘಾಟಿಸಲಿದ್ದಾರೆ. ಜಿಲ್ಲಾ ಪೊಲೀಸ್ ವರಿಷ್ಠಾಧಿಕಾರಿ ಕೆ.ಎನ್.ನಾಗರಾಜ್, ಬಮೂಲ್ ನಿರ್ದೇಶಕ ಬಿ.ಸಿ.ಆನಂದಕುಮಾರ್ ಮುಂತಾದ ಗಣ್ಯರು ಆಗಮಿಸಲಿದ್ದಾರೆಂದು ಟ್ರಸ್ಟಿ ವಿನಯ್ ತಿಳಿಸಿದರು.
